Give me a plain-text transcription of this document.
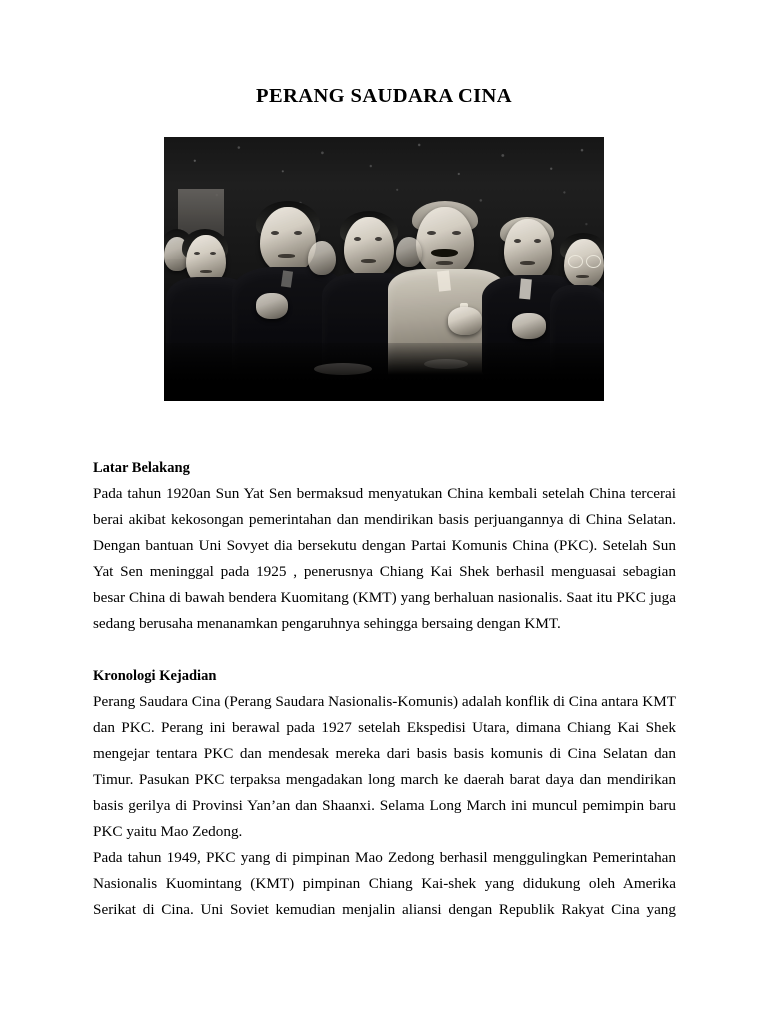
PERANG SAUDARA CINA
Latar Belakang

Pada tahun 1920an Sun Yat Sen bermaksud menyatukan China kembali setelah China tercerai berai akibat kekosongan pemerintahan dan mendirikan basis perjuangannya di China Selatan. Dengan bantuan Uni Sovyet dia bersekutu dengan Partai Komunis China (PKC). Setelah Sun Yat Sen meninggal pada 1925 , penerusnya Chiang Kai Shek berhasil menguasai sebagian besar China di bawah bendera Kuomitang (KMT) yang berhaluan nasionalis. Saat itu PKC juga sedang berusaha menanamkan pengaruhnya sehingga bersaing dengan KMT.

Kronologi Kejadian

Perang Saudara Cina (Perang Saudara Nasionalis-Komunis) adalah konflik di Cina antara KMT dan PKC. Perang ini berawal pada 1927 setelah Ekspedisi Utara, dimana Chiang Kai Shek mengejar tentara PKC dan mendesak mereka dari basis basis komunis di Cina Selatan dan Timur. Pasukan PKC terpaksa mengadakan long march ke daerah barat daya dan mendirikan basis gerilya di Provinsi Yan’an dan Shaanxi. Selama Long March ini muncul pemimpin baru PKC yaitu Mao Zedong.

Pada tahun 1949, PKC yang di pimpinan Mao Zedong berhasil menggulingkan Pemerintahan Nasionalis Kuomintang (KMT) pimpinan Chiang Kai-shek yang didukung oleh Amerika Serikat di Cina. Uni Soviet kemudian menjalin aliansi dengan Republik Rakyat Cina yang
